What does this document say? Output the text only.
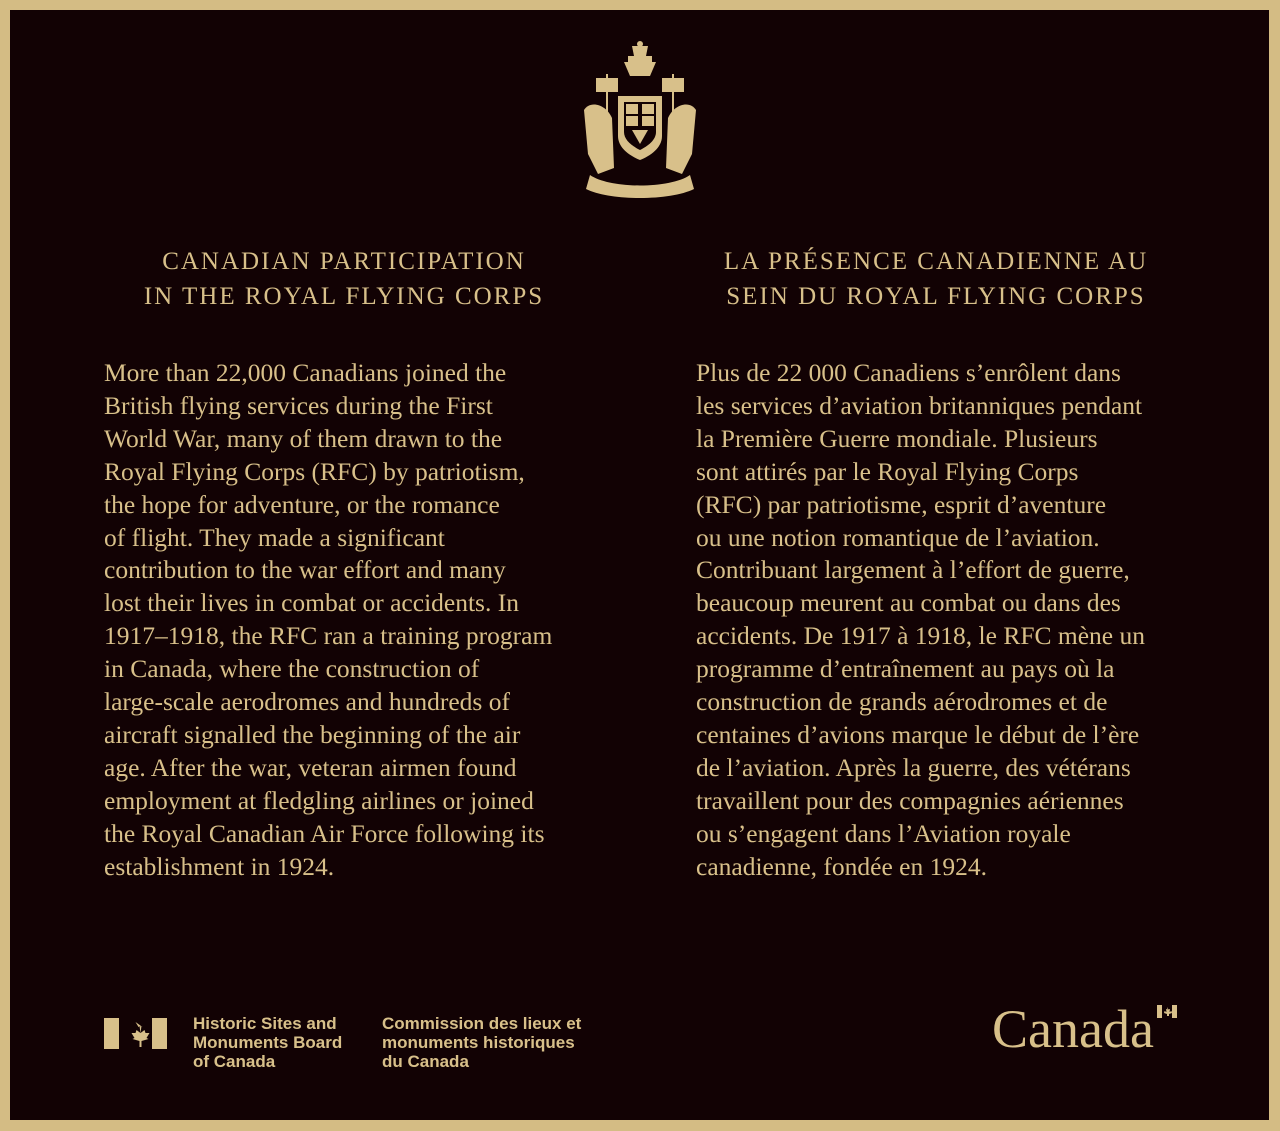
CANADIAN PARTICIPATION
IN THE ROYAL FLYING CORPS
LA PRÉSENCE CANADIENNE AU
SEIN DU ROYAL FLYING CORPS
More than 22,000 Canadians joined the
British flying services during the First
World War, many of them drawn to the
Royal Flying Corps (RFC) by patriotism,
the hope for adventure, or the romance
of flight. They made a significant
contribution to the war effort and many
lost their lives in combat or accidents. In
1917–1918, the RFC ran a training program
in Canada, where the construction of
large-scale aerodromes and hundreds of
aircraft signalled the beginning of the air
age. After the war, veteran airmen found
employment at fledgling airlines or joined
the Royal Canadian Air Force following its
establishment in 1924.
Plus de 22 000 Canadiens s’enrôlent dans
les services d’aviation britanniques pendant
la Première Guerre mondiale. Plusieurs
sont attirés par le Royal Flying Corps
(RFC) par patriotisme, esprit d’aventure
ou une notion romantique de l’aviation.
Contribuant largement à l’effort de guerre,
beaucoup meurent au combat ou dans des
accidents. De 1917 à 1918, le RFC mène un
programme d’entraînement au pays où la
construction de grands aérodromes et de
centaines d’avions marque le début de l’ère
de l’aviation. Après la guerre, des vétérans
travaillent pour des compagnies aériennes
ou s’engagent dans l’Aviation royale
canadienne, fondée en 1924.
Historic Sites and
Monuments Board
of Canada
Commission des lieux et
monuments historiques
du Canada
Canada
